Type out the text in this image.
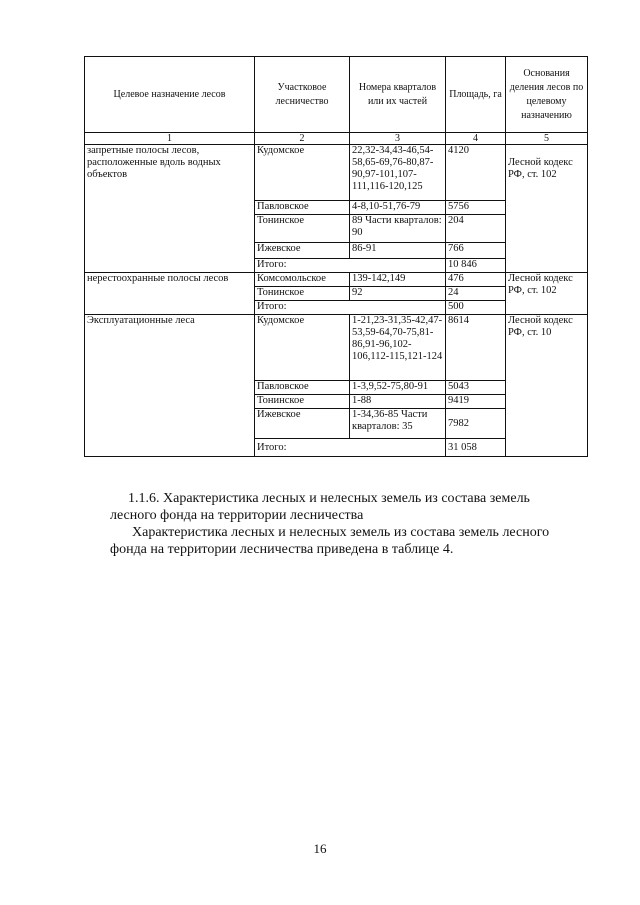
Целевое назначение лесов	Участковое лесничество	Номера кварталов или их частей	Площадь, га	Основания деления лесов по целевому назначению
1	2	3	4	5
запретные полосы лесов, расположенные вдоль водных объектов	Кудомское	22,32-34,43-46,54-58,65-69,76-80,87-90,97-101,107-111,116-120,125	4120	Лесной кодекс РФ, ст. 102
	Павловское	4-8,10-51,76-79	5756	
	Тонинское	89 Части кварталов: 90	204	
	Ижевское	86-91	766	
	Итого:		10 846	
нерестоохранные полосы лесов	Комсомольское	139-142,149	476	Лесной кодекс РФ, ст. 102
	Тонинское	92	24	
	Итого:		500	
Эксплуатационные леса	Кудомское	1-21,23-31,35-42,47-53,59-64,70-75,81-86,91-96,102-106,112-115,121-124	8614	Лесной кодекс РФ, ст. 10
	Павловское	1-3,9,52-75,80-91	5043	
	Тонинское	1-88	9419	
	Ижевское	1-34,36-85 Части кварталов: 35	7982	
	Итого:		31 058	

1.1.6. Характеристика лесных и нелесных земель из состава земель лесного фонда на территории лесничества

Характеристика лесных и нелесных земель из состава земель лесного фонда на территории лесничества приведена в таблице 4.

16
